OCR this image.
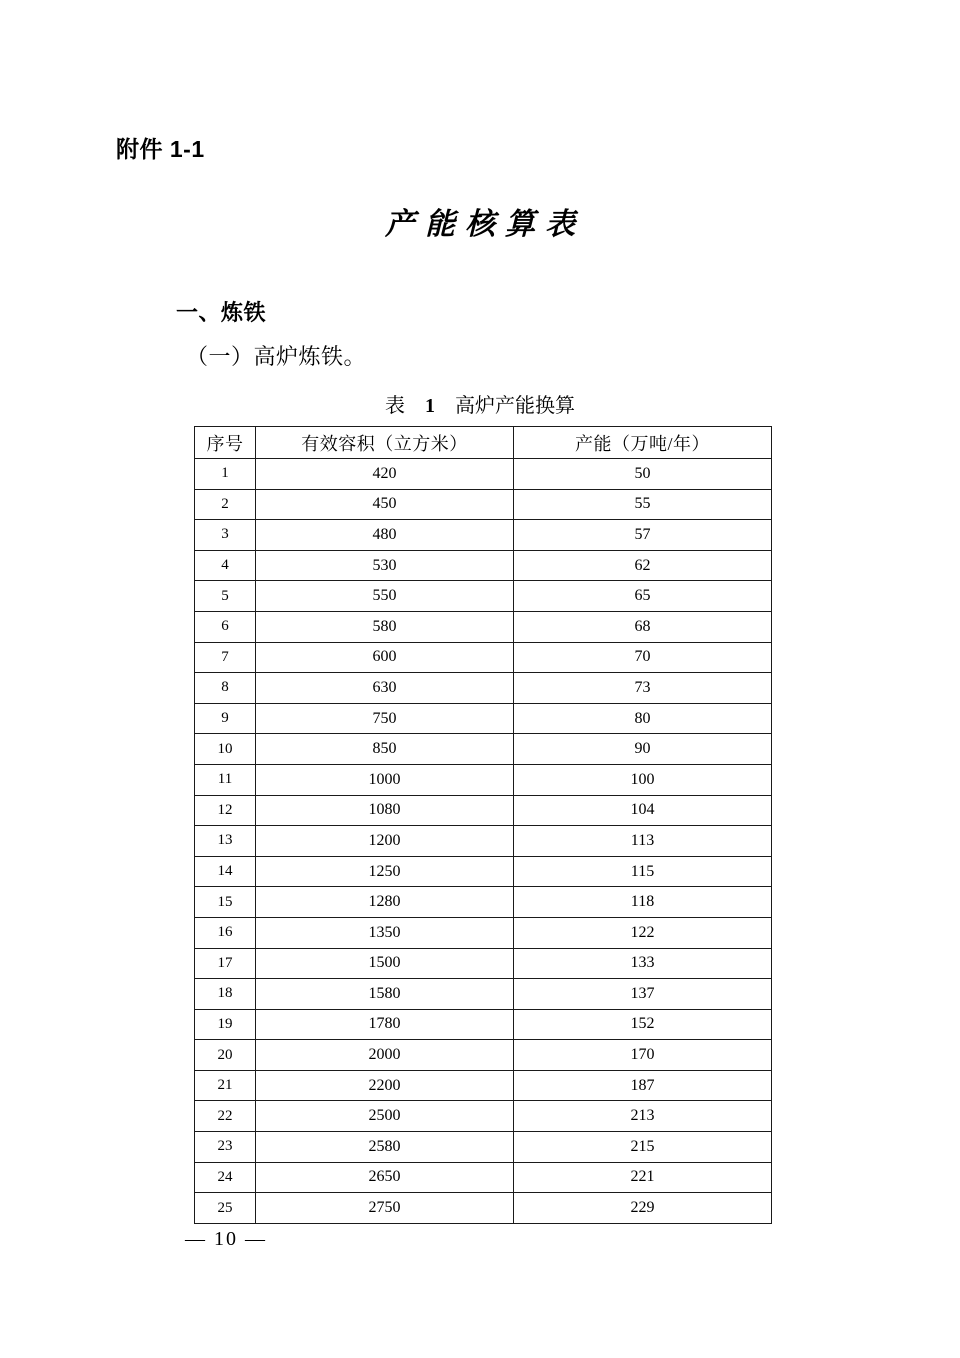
附件 1-1
产能核算表
一、炼铁
（一）高炉炼铁。
表 1 高炉产能换算
序号	有效容积（立方米）	产能（万吨/年）
1	420	50
2	450	55
3	480	57
4	530	62
5	550	65
6	580	68
7	600	70
8	630	73
9	750	80
10	850	90
11	1000	100
12	1080	104
13	1200	113
14	1250	115
15	1280	118
16	1350	122
17	1500	133
18	1580	137
19	1780	152
20	2000	170
21	2200	187
22	2500	213
23	2580	215
24	2650	221
25	2750	229
— 10 —
